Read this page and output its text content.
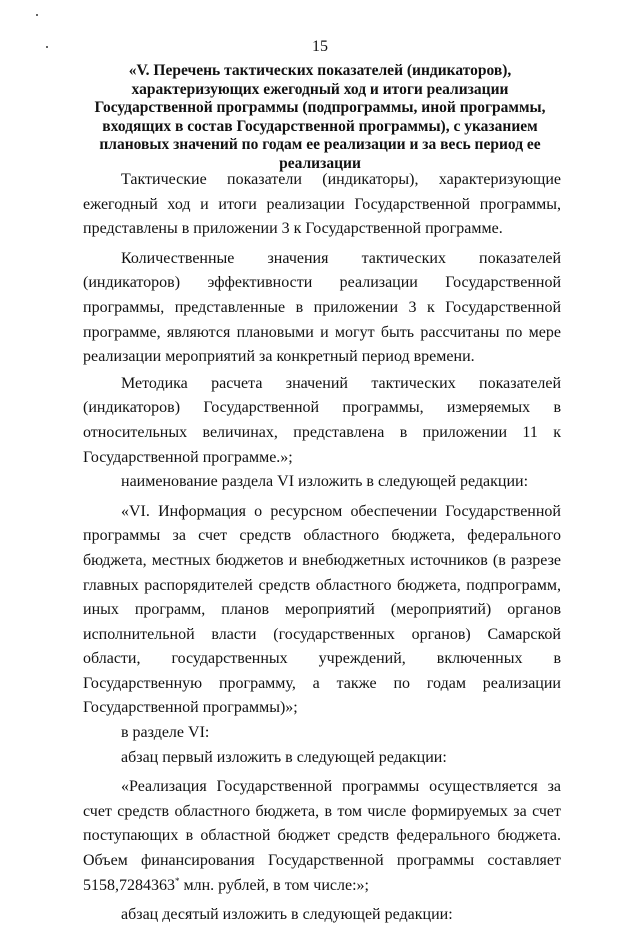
15
«V. Перечень тактических показателей (индикаторов), характеризующих ежегодный ход и итоги реализации Государственной программы (подпрограммы, иной программы, входящих в состав Государственной программы), с указанием плановых значений по годам ее реализации и за весь период ее реализации
Тактические показатели (индикаторы), характеризующие ежегодный ход и итоги реализации Государственной программы, представлены в приложении 3 к Государственной программе.
Количественные значения тактических показателей (индикаторов) эффективности реализации Государственной программы, представленные в приложении 3 к Государственной программе, являются плановыми и могут быть рассчитаны по мере реализации мероприятий за конкретный период времени.
Методика расчета значений тактических показателей (индикаторов) Государственной программы, измеряемых в относительных величинах, представлена в приложении 11 к Государственной программе.»;
наименование раздела VI изложить в следующей редакции:
«VI. Информация о ресурсном обеспечении Государственной программы за счет средств областного бюджета, федерального бюджета, местных бюджетов и внебюджетных источников (в разрезе главных распорядителей средств областного бюджета, подпрограмм, иных программ, планов мероприятий (мероприятий) органов исполнительной власти (государственных органов) Самарской области, государственных учреждений, включенных в Государственную программу, а также по годам реализации Государственной программы)»;
в разделе VI:
абзац первый изложить в следующей редакции:
«Реализация Государственной программы осуществляется за счет средств областного бюджета, в том числе формируемых за счет поступающих в областной бюджет средств федерального бюджета. Объем финансирования Государственной программы составляет 5158,7284363* млн. рублей, в том числе:»;
абзац десятый изложить в следующей редакции:
